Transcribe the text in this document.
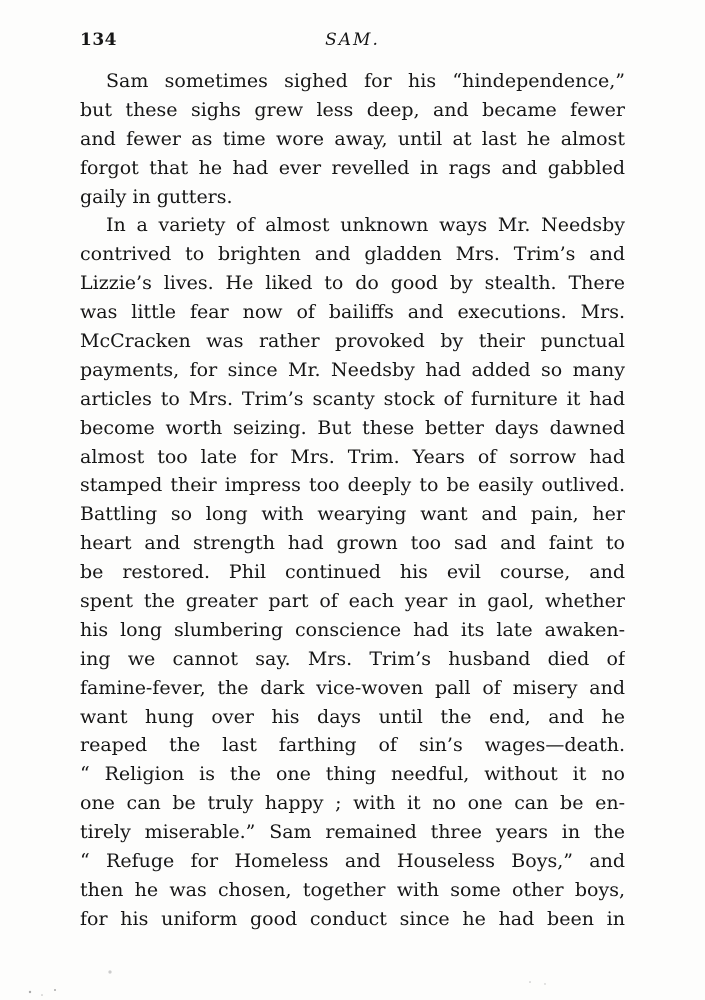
134	SAM.
Sam sometimes sighed for his “hindependence,”
but these sighs grew less deep, and became fewer
and fewer as time wore away, until at last he almost
forgot that he had ever revelled in rags and gabbled
gaily in gutters.
In a variety of almost unknown ways Mr. Needsby
contrived to brighten and gladden Mrs. Trim’s and
Lizzie’s lives. He liked to do good by stealth. There
was little fear now of bailiffs and executions. Mrs.
McCracken was rather provoked by their punctual
payments, for since Mr. Needsby had added so many
articles to Mrs. Trim’s scanty stock of furniture it had
become worth seizing. But these better days dawned
almost too late for Mrs. Trim. Years of sorrow had
stamped their impress too deeply to be easily outlived.
Battling so long with wearying want and pain, her
heart and strength had grown too sad and faint to
be restored. Phil continued his evil course, and
spent the greater part of each year in gaol, whether
his long slumbering conscience had its late awaken-
ing we cannot say. Mrs. Trim’s husband died of
famine-fever, the dark vice-woven pall of misery and
want hung over his days until the end, and he
reaped the last farthing of sin’s wages—death.
“ Religion is the one thing needful, without it no
one can be truly happy ; with it no one can be en-
tirely miserable.” Sam remained three years in the
“ Refuge for Homeless and Houseless Boys,” and
then he was chosen, together with some other boys,
for his uniform good conduct since he had been in
